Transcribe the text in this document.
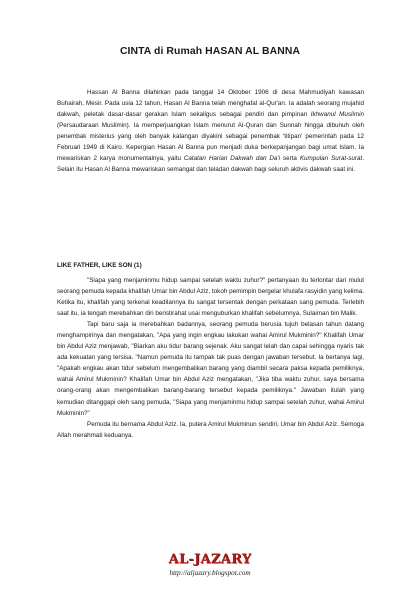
CINTA di Rumah HASAN AL BANNA

Hassan Al Banna dilahirkan pada tanggal 14 Oktober 1906 di desa Mahmudiyah kawasan Buhairah, Mesir. Pada usia 12 tahun, Hasan Al Banna telah menghafal al-Qur'an. Ia adalah seorang mujahid dakwah, peletak dasar-dasar gerakan Islam sekaligus sebagai pendiri dan pimpinan Ikhwanul Muslimin (Persaudaraan Muslimin). Ia memperjuangkan Islam menurut Al-Quran dan Sunnah hingga dibunuh oleh penembak misterius yang oleh banyak kalangan diyakini sebagai penembak 'titipan' pemerintah pada 12 Februari 1949 di Kairo. Kepergian Hasan Al Banna pun menjadi duka berkepanjangan bagi umat Islam. Ia mewariskan 2 karya monumentalnya, yaitu Catatan Harian Dakwah dan Da'i serta Kumpulan Surat-surat. Selain itu Hasan Al Banna mewariskan semangat dan teladan dakwah bagi seluruh aktivis dakwah saat ini.

LIKE FATHER, LIKE SON (1)

"Siapa yang menjaminmu hidup sampai setelah waktu zuhur?" pertanyaan itu terlontar dari mulut seorang pemuda kepada khalifah Umar bin Abdul Aziz, tokoh pemimpin bergelar khulafa rasyidin yang kelima. Ketika itu, khalifah yang terkenal keadilannya itu sangat tersentak dengan perkataan sang pemuda. Terlebih saat itu, ia tengah merebahkan diri beristirahat usai menguburkan khalifah sebelumnya, Sulaiman bin Malik.

Tapi baru saja ia merebahkan badannya, seorang pemuda berusia tujuh belasan tahun datang menghampirinya dan mengatakan, "Apa yang ingin engkau lakukan wahai Amirul Mukminin?" Khalifah Umar bin Abdul Aziz menjawab, "Biarkan aku tidur barang sejenak. Aku sangat lelah dan capai sehingga nyaris tak ada kekuatan yang tersisa. "Namun pemuda itu tampak tak puas dengan jawaban tersebut. Ia bertanya lagi, "Apakah engkau akan tidur sebelum mengembalikan barang yang diambil secara paksa kepada pemiliknya, wahai Amirul Mukminin? Khalifah Umar bin Abdul Aziz mengatakan, "Jika tiba waktu zuhur, saya bersama orang-orang akan mengembalikan barang-barang tersebut kepada pemiliknya." Jawaban itulah yang kemudian ditanggapi oleh sang pemuda, "Siapa yang menjaminmu hidup sampai setelah zuhur, wahai Amirul Mukminin?"

Pemuda itu bernama Abdul Aziz. Ia, putera Amirul Mukminun sendiri, Umar bin Abdul Aziz. Semoga Allah merahmati keduanya.

AL-JAZARY
http://aljazary.blogspot.com
